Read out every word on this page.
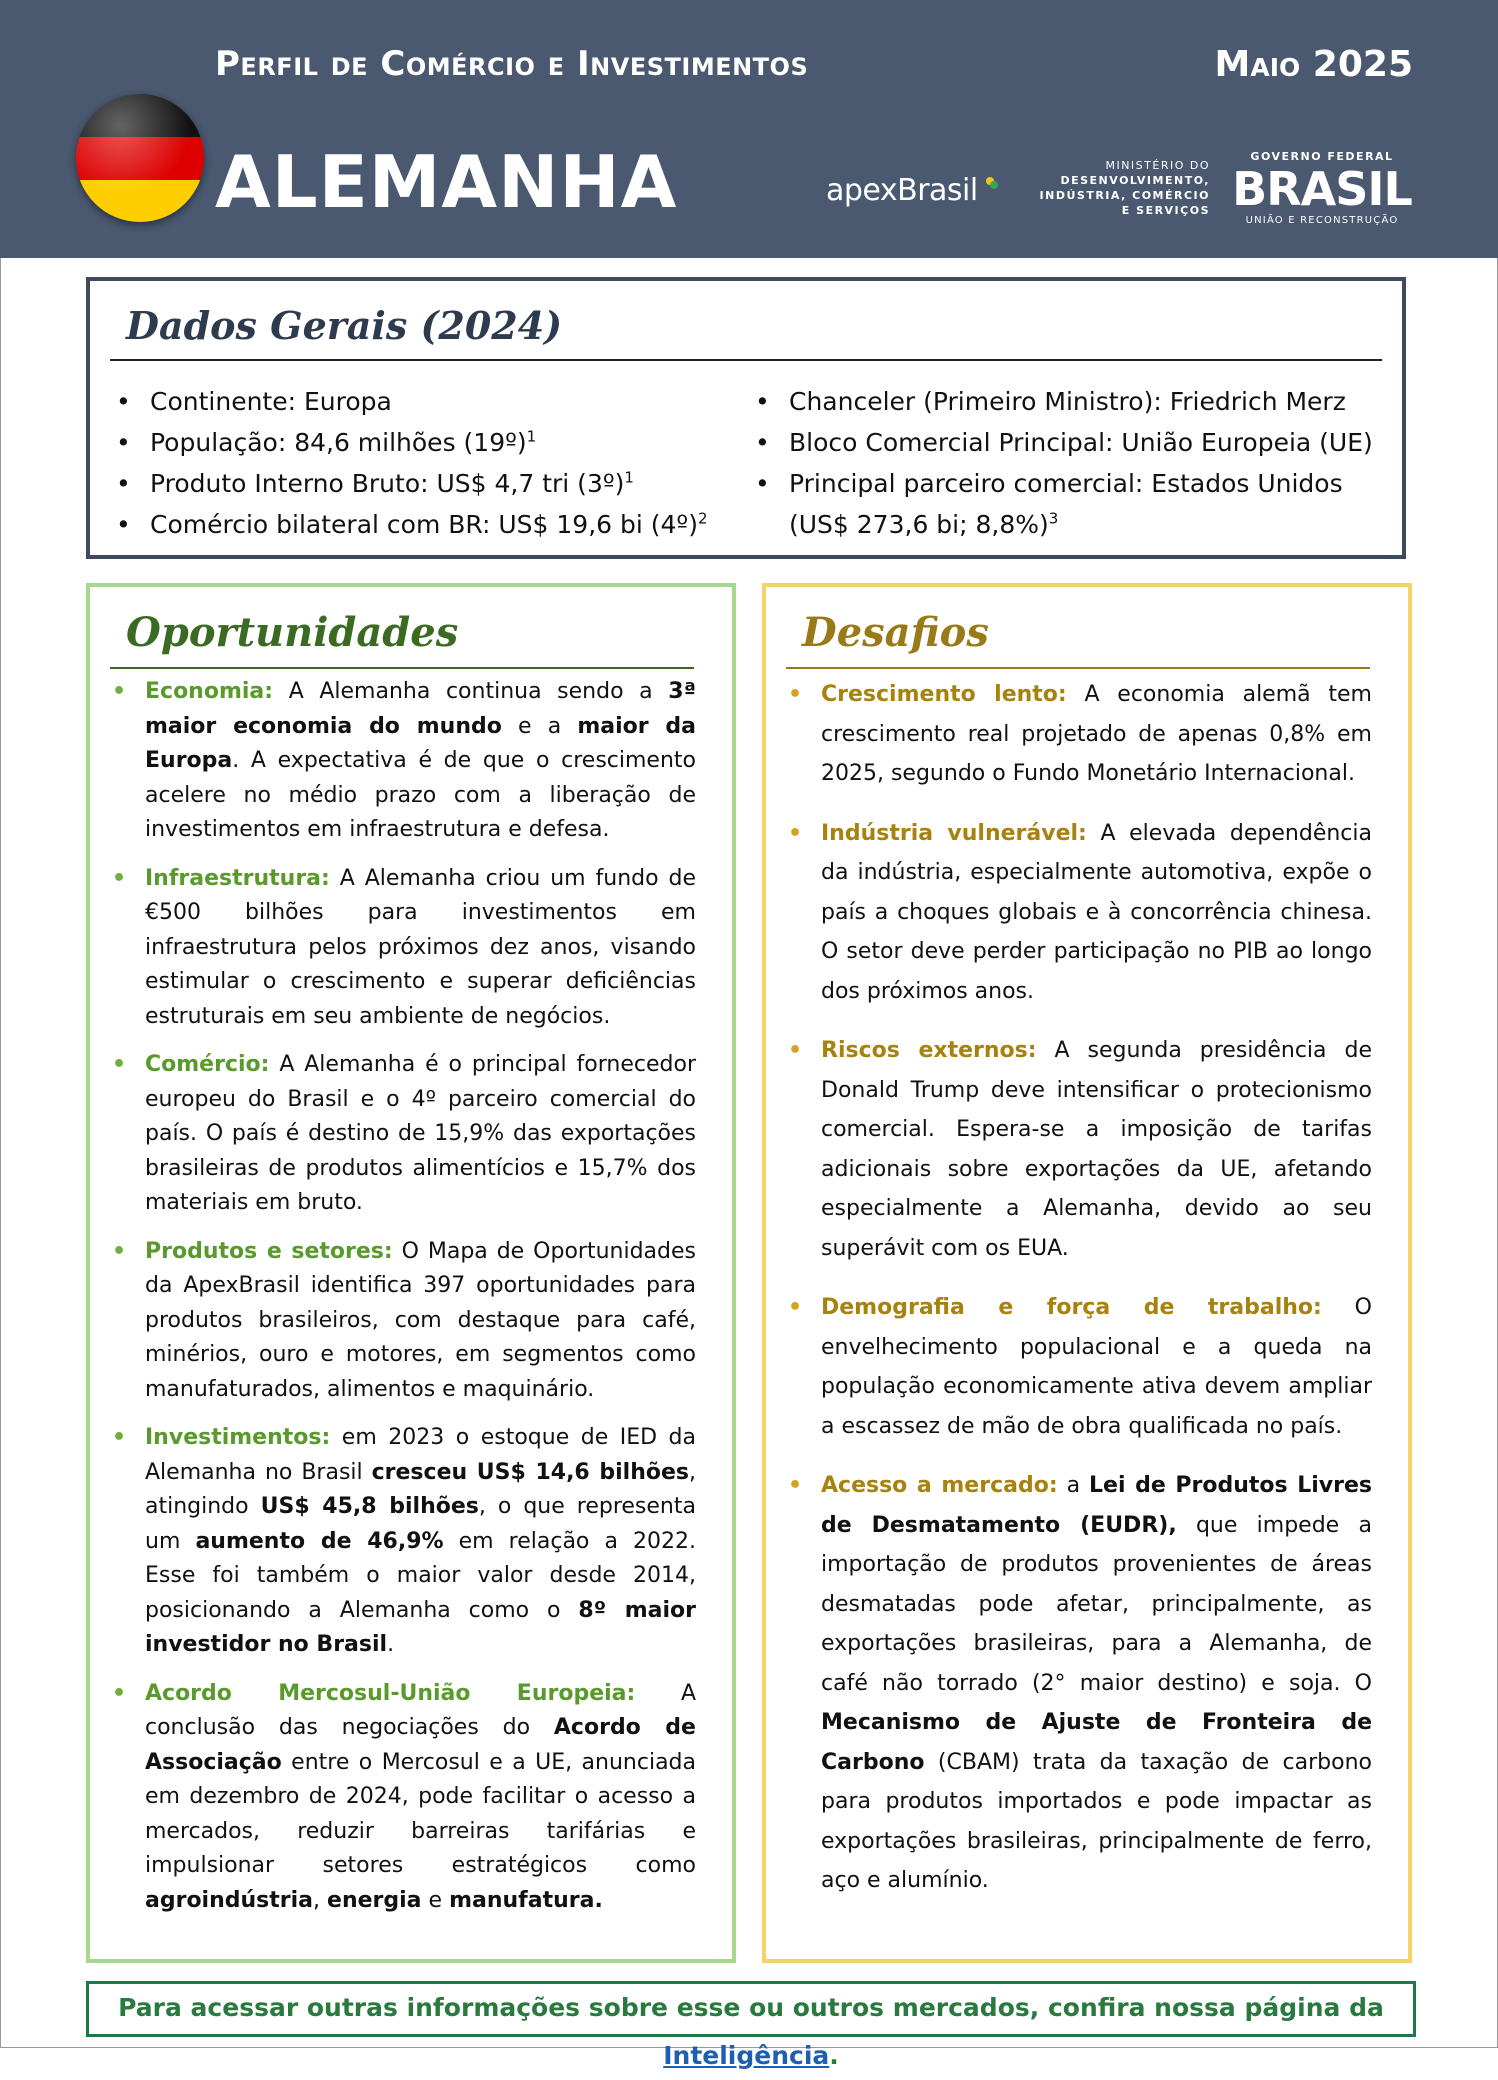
Perfil de Comércio e Investimentos	Maio 2025
ALEMANHA	apexBrasil
MINISTÉRIO DO
DESENVOLVIMENTO,
INDÚSTRIA, COMÉRCIO
E SERVIÇOS
GOVERNO FEDERAL
BRASIL
UNIÃO E RECONSTRUÇÃO
Dados Gerais (2024)
• Continente: Europa
• População: 84,6 milhões (19º)$^1$
• Produto Interno Bruto: US$ 4,7 tri (3º)$^1$
• Comércio bilateral com BR: US$ 19,6 bi (4º)$^2$
• Chanceler (Primeiro Ministro): Friedrich Merz
• Bloco Comercial Principal: União Europeia (UE)
• Principal parceiro comercial: Estados Unidos (US$ 273,6 bi; 8,8%)$^3$
Oportunidades
• Economia: A Alemanha continua sendo a 3ª maior economia do mundo e a maior da Europa. A expectativa é de que o crescimento acelere no médio prazo com a liberação de investimentos em infraestrutura e defesa.
• Infraestrutura: A Alemanha criou um fundo de €500 bilhões para investimentos em infraestrutura pelos próximos dez anos, visando estimular o crescimento e superar deficiências estruturais em seu ambiente de negócios.
• Comércio: A Alemanha é o principal fornecedor europeu do Brasil e o 4º parceiro comercial do país. O país é destino de 15,9% das exportações brasileiras de produtos alimentícios e 15,7% dos materiais em bruto.
• Produtos e setores: O Mapa de Oportunidades da ApexBrasil identifica 397 oportunidades para produtos brasileiros, com destaque para café, minérios, ouro e motores, em segmentos como manufaturados, alimentos e maquinário.
• Investimentos: em 2023 o estoque de IED da Alemanha no Brasil cresceu US$ 14,6 bilhões, atingindo US$ 45,8 bilhões, o que representa um aumento de 46,9% em relação a 2022. Esse foi também o maior valor desde 2014, posicionando a Alemanha como o 8º maior investidor no Brasil.
• Acordo Mercosul-União Europeia: A conclusão das negociações do Acordo de Associação entre o Mercosul e a UE, anunciada em dezembro de 2024, pode facilitar o acesso a mercados, reduzir barreiras tarifárias e impulsionar setores estratégicos como agroindústria, energia e manufatura.
Desafios
• Crescimento lento: A economia alemã tem crescimento real projetado de apenas 0,8% em 2025, segundo o Fundo Monetário Internacional.
• Indústria vulnerável: A elevada dependência da indústria, especialmente automotiva, expõe o país a choques globais e à concorrência chinesa. O setor deve perder participação no PIB ao longo dos próximos anos.
• Riscos externos: A segunda presidência de Donald Trump deve intensificar o protecionismo comercial. Espera-se a imposição de tarifas adicionais sobre exportações da UE, afetando especialmente a Alemanha, devido ao seu superávit com os EUA.
• Demografia e força de trabalho: O envelhecimento populacional e a queda na população economicamente ativa devem ampliar a escassez de mão de obra qualificada no país.
• Acesso a mercado: a Lei de Produtos Livres de Desmatamento (EUDR), que impede a importação de produtos provenientes de áreas desmatadas pode afetar, principalmente, as exportações brasileiras, para a Alemanha, de café não torrado (2° maior destino) e soja. O Mecanismo de Ajuste de Fronteira de Carbono (CBAM) trata da taxação de carbono para produtos importados e pode impactar as exportações brasileiras, principalmente de ferro, aço e alumínio.
Para acessar outras informações sobre esse ou outros mercados, confira nossa página da Inteligência.
